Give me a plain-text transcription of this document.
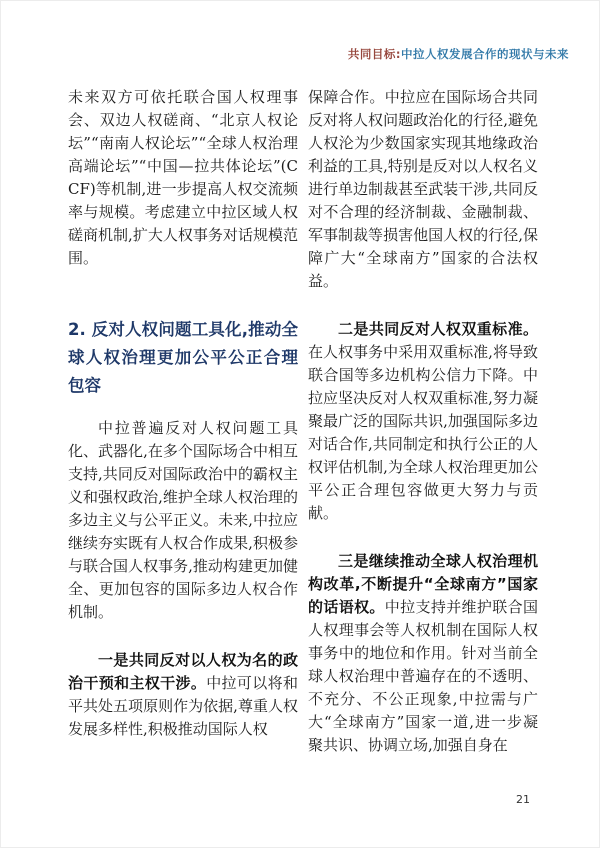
共同目标:中拉人权发展合作的现状与未来

未来双方可依托联合国人权理事会、双边人权磋商、“北京人权论坛”“南南人权论坛”“全球人权治理高端论坛”“中国—拉共体论坛”(CCF)等机制,进一步提高人权交流频率与规模。考虑建立中拉区域人权磋商机制,扩大人权事务对话规模范围。

2. 反对人权问题工具化,推动全球人权治理更加公平公正合理包容

中拉普遍反对人权问题工具化、武器化,在多个国际场合中相互支持,共同反对国际政治中的霸权主义和强权政治,维护全球人权治理的多边主义与公平正义。未来,中拉应继续夯实既有人权合作成果,积极参与联合国人权事务,推动构建更加健全、更加包容的国际多边人权合作机制。

一是共同反对以人权为名的政治干预和主权干涉。中拉可以将和平共处五项原则作为依据,尊重人权发展多样性,积极推动国际人权

保障合作。中拉应在国际场合共同反对将人权问题政治化的行径,避免人权沦为少数国家实现其地缘政治利益的工具,特别是反对以人权名义进行单边制裁甚至武装干涉,共同反对不合理的经济制裁、金融制裁、军事制裁等损害他国人权的行径,保障广大“全球南方”国家的合法权益。

二是共同反对人权双重标准。在人权事务中采用双重标准,将导致联合国等多边机构公信力下降。中拉应坚决反对人权双重标准,努力凝聚最广泛的国际共识,加强国际多边对话合作,共同制定和执行公正的人权评估机制,为全球人权治理更加公平公正合理包容做更大努力与贡献。

三是继续推动全球人权治理机构改革,不断提升“全球南方”国家的话语权。中拉支持并维护联合国人权理事会等人权机制在国际人权事务中的地位和作用。针对当前全球人权治理中普遍存在的不透明、不充分、不公正现象,中拉需与广大“全球南方”国家一道,进一步凝聚共识、协调立场,加强自身在

21
